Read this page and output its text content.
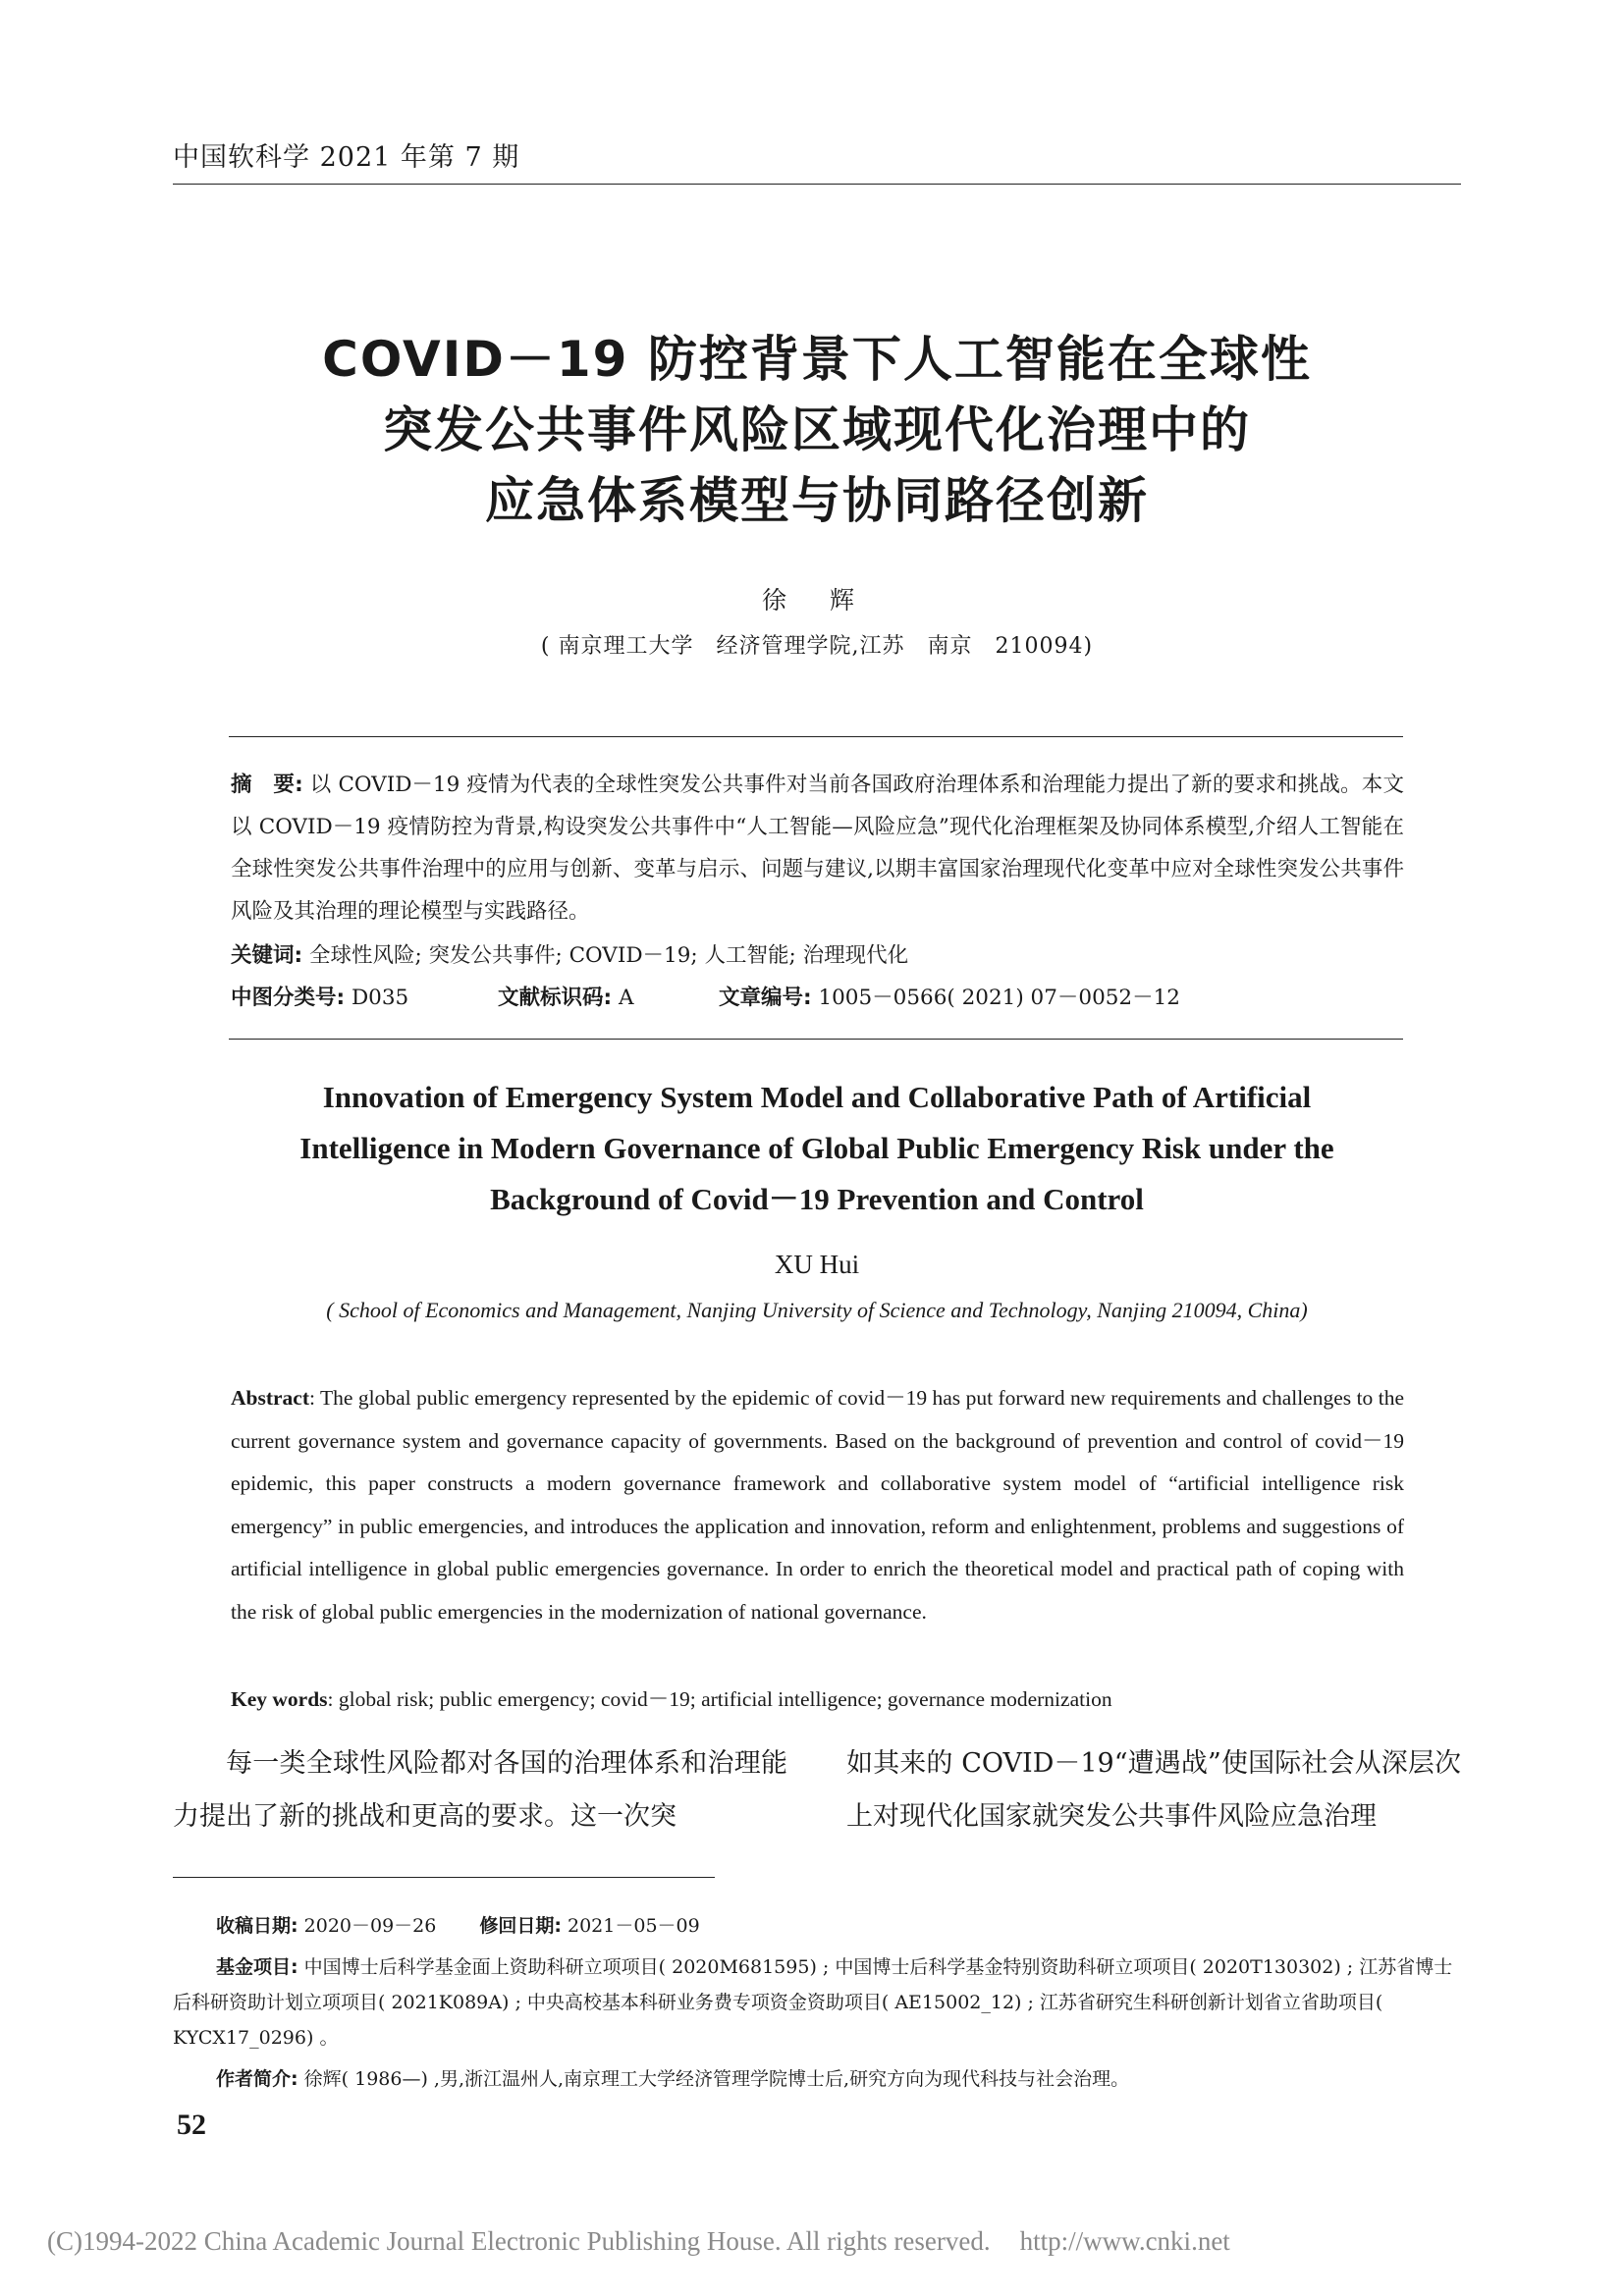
中国软科学 2021 年第 7 期
COVID－19 防控背景下人工智能在全球性
突发公共事件风险区域现代化治理中的
应急体系模型与协同路径创新
徐 辉
( 南京理工大学　经济管理学院,江苏　南京　210094)

摘　要: 以 COVID－19 疫情为代表的全球性突发公共事件对当前各国政府治理体系和治理能力提出了新的要求和挑战。本文以 COVID－19 疫情防控为背景,构设突发公共事件中“人工智能—风险应急”现代化治理框架及协同体系模型,介绍人工智能在全球性突发公共事件治理中的应用与创新、变革与启示、问题与建议,以期丰富国家治理现代化变革中应对全球性突发公共事件风险及其治理的理论模型与实践路径。

关键词: 全球性风险; 突发公共事件; COVID－19; 人工智能; 治理现代化
中图分类号: D035	文献标识码: A	文章编号: 1005－0566( 2021) 07－0052－12
Innovation of Emergency System Model and Collaborative Path of Artificial
Intelligence in Modern Governance of Global Public Emergency Risk under the
Background of Covid－19 Prevention and Control
XU Hui
( School of Economics and Management, Nanjing University of Science and Technology, Nanjing 210094, China)
Abstract: The global public emergency represented by the epidemic of covid－19 has put forward new requirements and challenges to the current governance system and governance capacity of governments. Based on the background of prevention and control of covid－19 epidemic, this paper constructs a modern governance framework and collaborative system model of “artificial intelligence risk emergency” in public emergencies, and introduces the application and innovation, reform and enlightenment, problems and suggestions of artificial intelligence in global public emergencies governance. In order to enrich the theoretical model and practical path of coping with the risk of global public emergencies in the modernization of national governance.
Key words: global risk; public emergency; covid－19; artificial intelligence; governance modernization

每一类全球性风险都对各国的治理体系和治理能力提出了新的挑战和更高的要求。这一次突

如其来的 COVID－19“遭遇战”使国际社会从深层次上对现代化国家就突发公共事件风险应急治理

收稿日期: 2020－09－26 修回日期: 2021－05－09

基金项目: 中国博士后科学基金面上资助科研立项项目( 2020M681595) ; 中国博士后科学基金特别资助科研立项项目( 2020T130302) ; 江苏省博士后科研资助计划立项项目( 2021K089A) ; 中央高校基本科研业务费专项资金资助项目( AE15002_12) ; 江苏省研究生科研创新计划省立省助项目( KYCX17_0296) 。

作者简介: 徐辉( 1986—) ,男,浙江温州人,南京理工大学经济管理学院博士后,研究方向为现代科技与社会治理。

52
(C)1994-2022 China Academic Journal Electronic Publishing House. All rights reserved. http://www.cnki.net
